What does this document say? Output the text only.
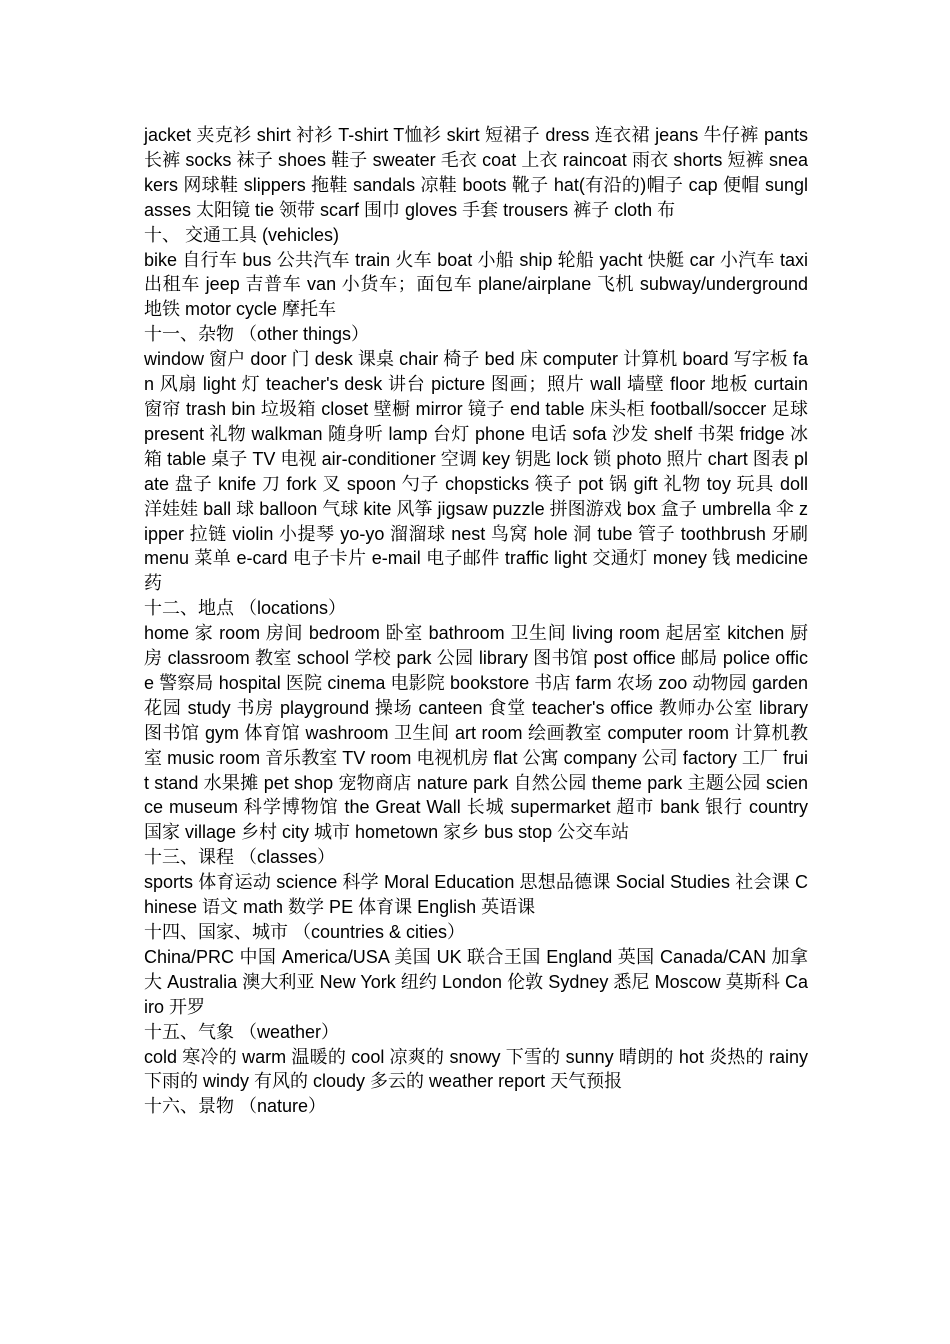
jacket 夹克衫 shirt 衬衫 T-shirt T恤衫 skirt 短裙子 dress 连衣裙 jeans 牛仔裤 pants 长裤 socks 袜子 shoes 鞋子 sweater 毛衣 coat 上衣 raincoat 雨衣 shorts 短裤 sneakers 网球鞋 slippers 拖鞋 sandals 凉鞋 boots 靴子 hat(有沿的)帽子 cap 便帽 sunglasses 太阳镜 tie 领带 scarf 围巾 gloves 手套 trousers 裤子 cloth 布

十、 交通工具 (vehicles)

bike 自行车 bus 公共汽车 train 火车 boat 小船 ship 轮船 yacht 快艇 car 小汽车 taxi 出租车 jeep 吉普车 van 小货车；面包车 plane/airplane 飞机 subway/underground 地铁 motor cycle 摩托车

十一、杂物 （other things）

window 窗户 door 门 desk 课桌 chair 椅子 bed 床 computer 计算机 board 写字板 fan 风扇 light 灯 teacher's desk 讲台 picture 图画；照片 wall 墙壁 floor 地板 curtain 窗帘 trash bin 垃圾箱 closet 壁橱 mirror 镜子 end table 床头柜 football/soccer 足球 present 礼物 walkman 随身听 lamp 台灯 phone 电话 sofa 沙发 shelf 书架 fridge 冰箱 table 桌子 TV 电视 air-conditioner 空调 key 钥匙 lock 锁 photo 照片 chart 图表 plate 盘子 knife 刀 fork 叉 spoon 勺子 chopsticks 筷子 pot 锅 gift 礼物 toy 玩具 doll 洋娃娃 ball 球 balloon 气球 kite 风筝 jigsaw puzzle 拼图游戏 box 盒子 umbrella 伞 zipper 拉链 violin 小提琴 yo-yo 溜溜球 nest 鸟窝 hole 洞 tube 管子 toothbrush 牙刷 menu 菜单 e-card 电子卡片 e-mail 电子邮件 traffic light 交通灯 money 钱 medicine 药

十二、地点 （locations）

home 家 room 房间 bedroom 卧室 bathroom 卫生间 living room 起居室 kitchen 厨房 classroom 教室 school 学校 park 公园 library 图书馆 post office 邮局 police office 警察局 hospital 医院 cinema 电影院 bookstore 书店 farm 农场 zoo 动物园 garden 花园 study 书房 playground 操场 canteen 食堂 teacher's office 教师办公室 library 图书馆 gym 体育馆 washroom 卫生间 art room 绘画教室 computer room 计算机教室 music room 音乐教室 TV room 电视机房 flat 公寓 company 公司 factory 工厂 fruit stand 水果摊 pet shop 宠物商店 nature park 自然公园 theme park 主题公园 science museum 科学博物馆 the Great Wall 长城 supermarket 超市 bank 银行 country 国家 village 乡村 city 城市 hometown 家乡 bus stop 公交车站

十三、课程 （classes）

sports 体育运动 science 科学 Moral Education 思想品德课 Social Studies 社会课 Chinese 语文 math 数学 PE 体育课 English 英语课

十四、国家、城市 （countries & cities）

China/PRC 中国 America/USA 美国 UK 联合王国 England 英国 Canada/CAN 加拿大 Australia 澳大利亚 New York 纽约 London 伦敦 Sydney 悉尼 Moscow 莫斯科 Cairo 开罗

十五、气象 （weather）

cold 寒冷的 warm 温暖的 cool 凉爽的 snowy 下雪的 sunny 晴朗的 hot 炎热的 rainy 下雨的 windy 有风的 cloudy 多云的 weather report 天气预报

十六、景物 （nature）
